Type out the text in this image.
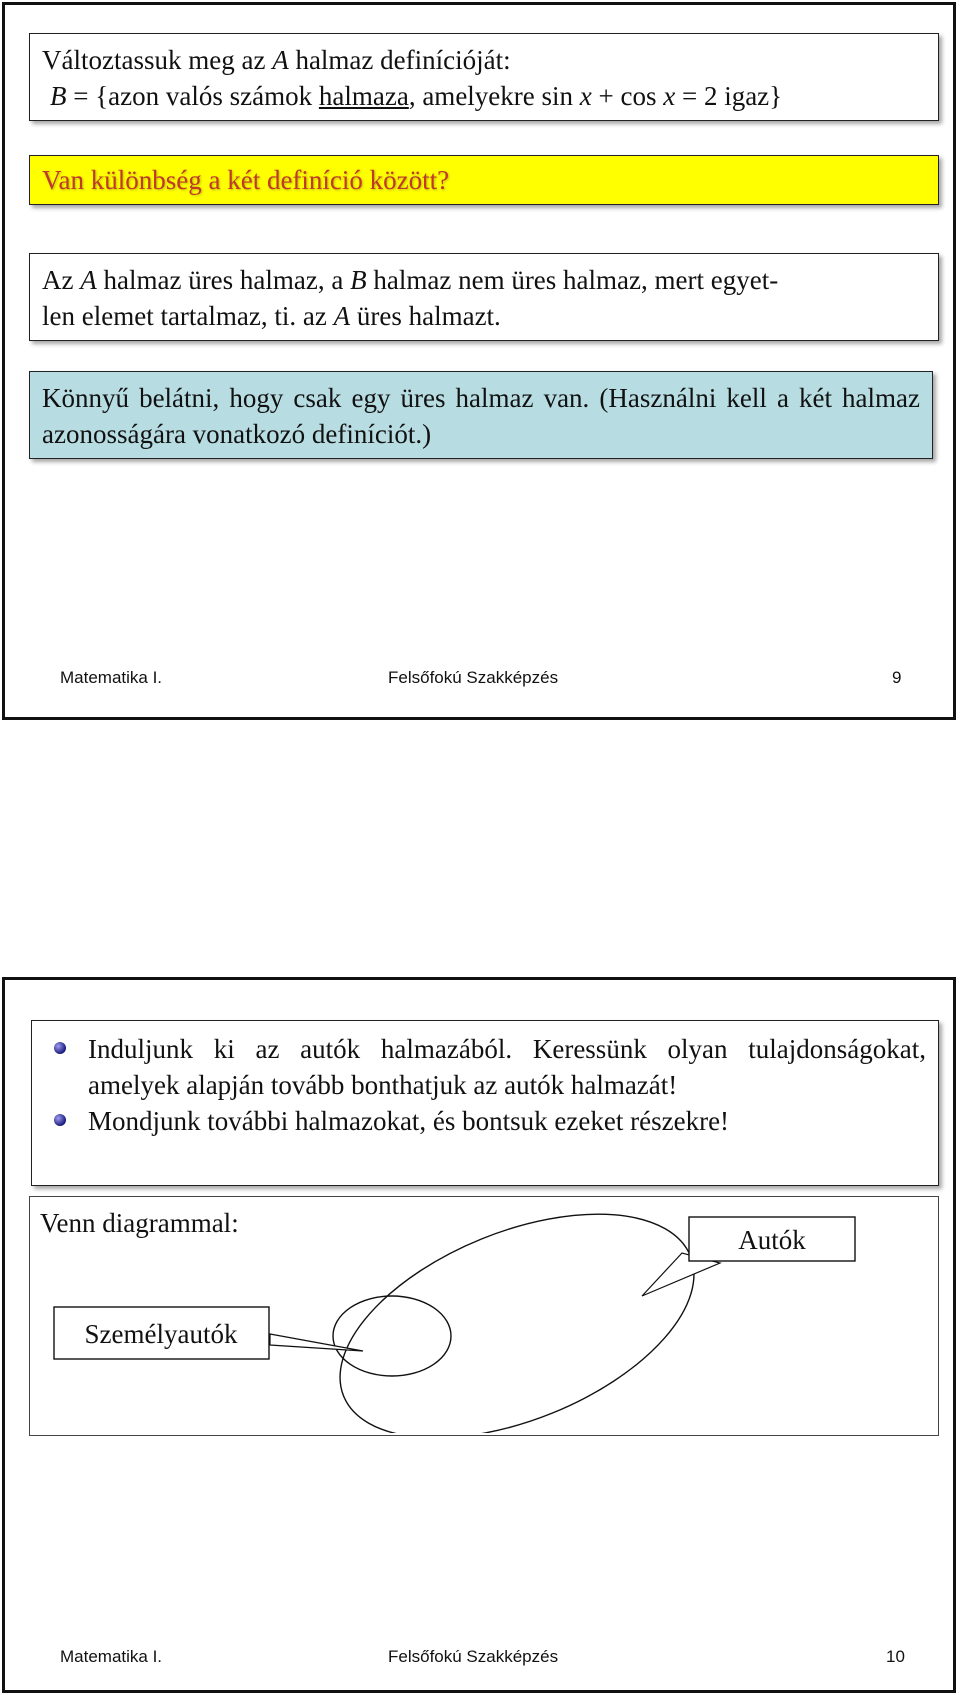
Változtassuk meg az A halmaz definícióját:
B = {azon valós számok halmaza, amelyekre sin x + cos x = 2 igaz}
Van különbség a két definíció között?
Az A halmaz üres halmaz, a B halmaz nem üres halmaz, mert egyet-
len elemet tartalmaz, ti. az A üres halmazt.
Könnyű belátni, hogy csak egy üres halmaz van. (Használni kell a két halmaz azonosságára vonatkozó definíciót.)
Matematika I.	Felsőfokú Szakképzés	9
Induljunk ki az autók halmazából. Keressünk olyan tulajdonságokat, amelyek alapján tovább bonthatjuk az autók halmazát!
Mondjunk további halmazokat, és bontsuk ezeket részekre!
Venn diagrammal:
Autók
Személyautók
Matematika I.	Felsőfokú Szakképzés	10
